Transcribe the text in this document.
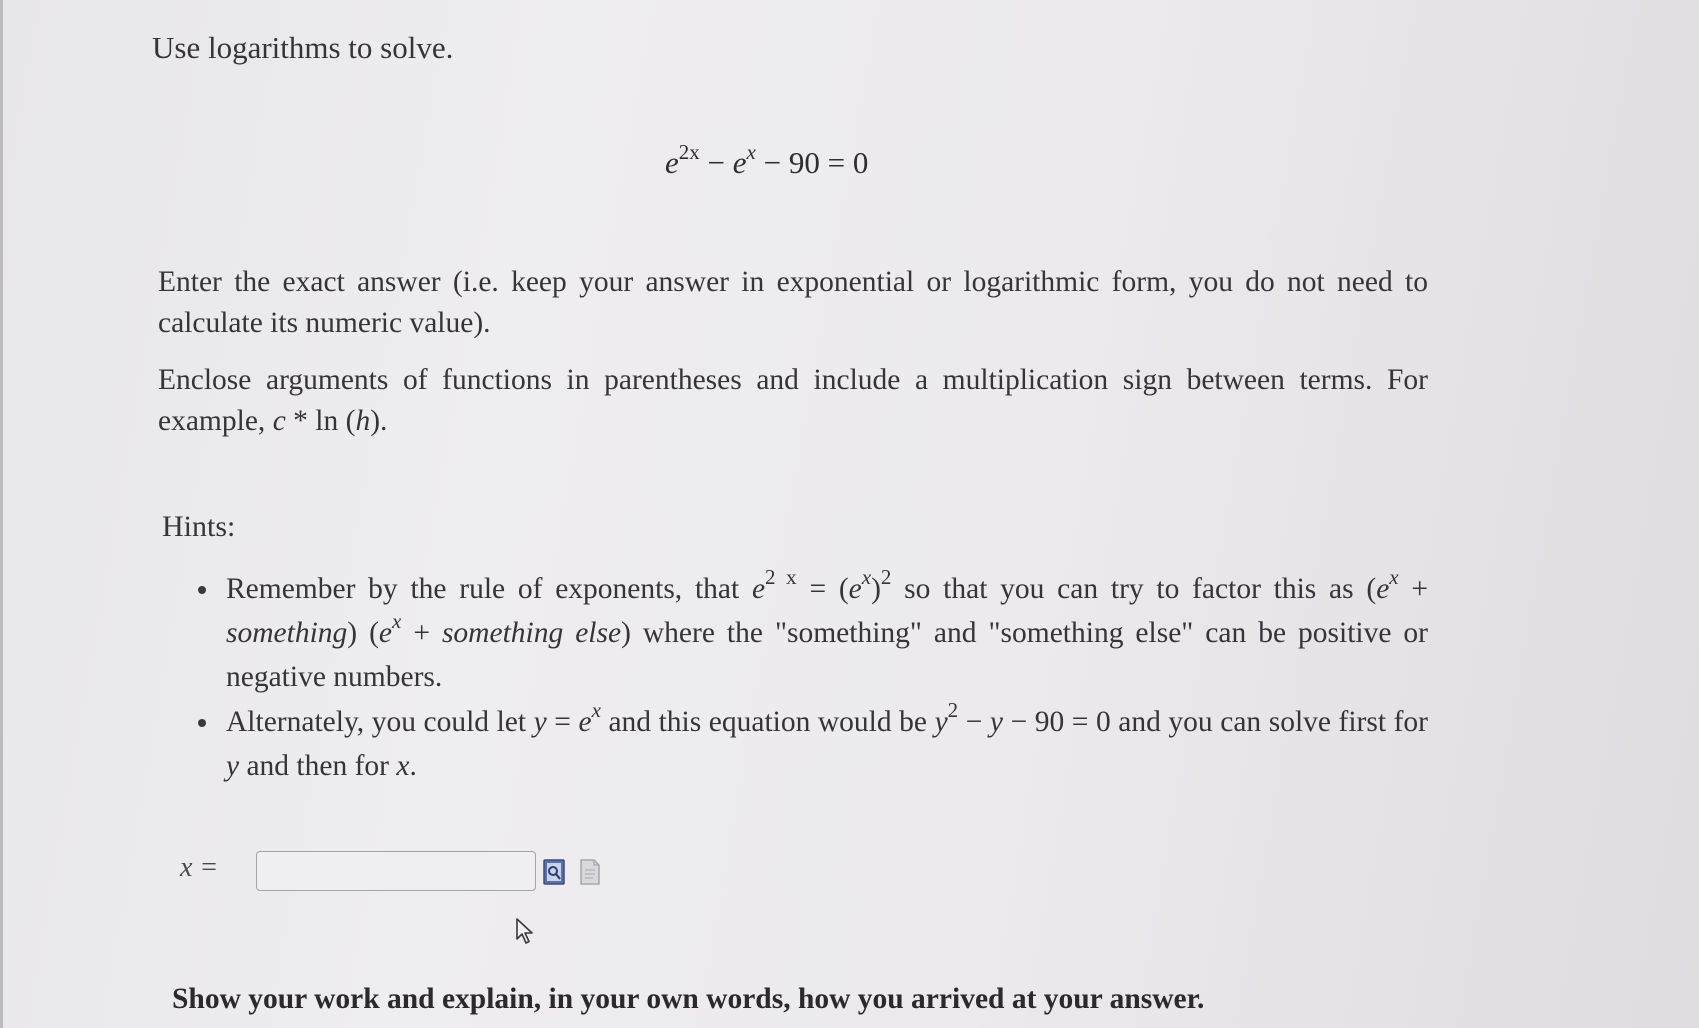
Use logarithms to solve.
$e^{2x} - e^x - 90 = 0$
Enter the exact answer (i.e. keep your answer in exponential or logarithmic form, you do not need to calculate its numeric value).
Enclose arguments of functions in parentheses and include a multiplication sign between terms. For example, c * ln (h).
Hints:
Remember by the rule of exponents, that $e^{2 x} = (e^x)^2$ so that you can try to factor this as ($e^x$ + something) ($e^x$ + something else) where the "something" and "something else" can be positive or negative numbers.
Alternately, you could let $y = e^x$ and this equation would be $y^2 - y - 90 = 0$ and you can solve first for y and then for x.
x =
Show your work and explain, in your own words, how you arrived at your answer.
